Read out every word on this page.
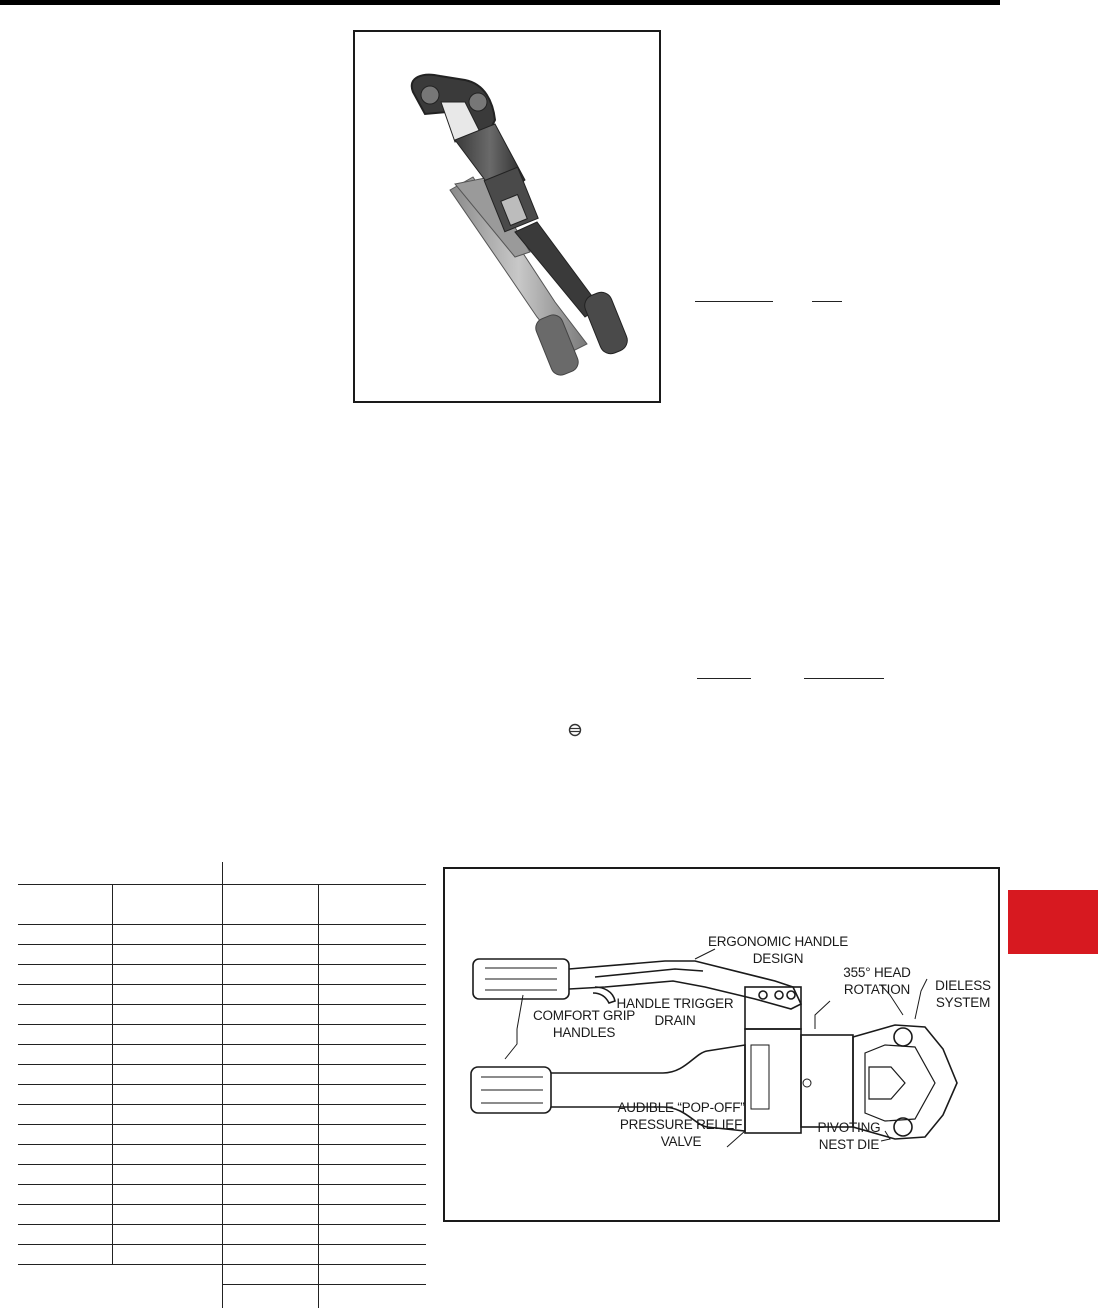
ERGONOMIC HANDLE
DESIGN
355° HEAD
ROTATION	DIELESS
SYSTEM
HANDLE TRIGGER
DRAIN
COMFORT GRIP
HANDLES
AUDIBLE “POP-OFF”
PRESSURE RELIEF
VALVE
PIVOTING
NEST DIE
